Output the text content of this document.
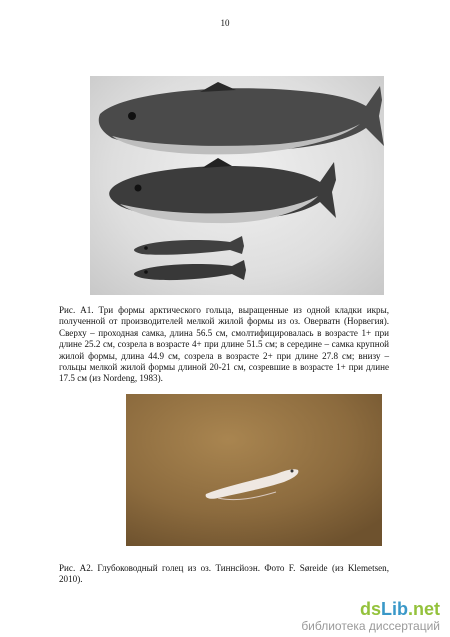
10
Рис. А1. Три формы арктического гольца, выращенные из одной кладки икры, полученной от производителей мелкой жилой формы из оз. Оверватн (Норвегия). Сверху – проходная самка, длина 56.5 см, смолтифицировалась в возрасте 1+ при длине 25.2 см, созрела в возрасте 4+ при длине 51.5 см; в середине – самка крупной жилой формы, длина 44.9 см, созрела в возрасте 2+ при длине 27.8 см; внизу – гольцы мелкой жилой формы длиной 20-21 см, созревшие в возрасте 1+ при длине 17.5 см (из Nordeng, 1983).
Рис. А2. Глубоководный голец из оз. Тиннсйоэн. Фото F. Søreide (из Klemetsen, 2010).
dsLib.net
библиотека диссертаций
